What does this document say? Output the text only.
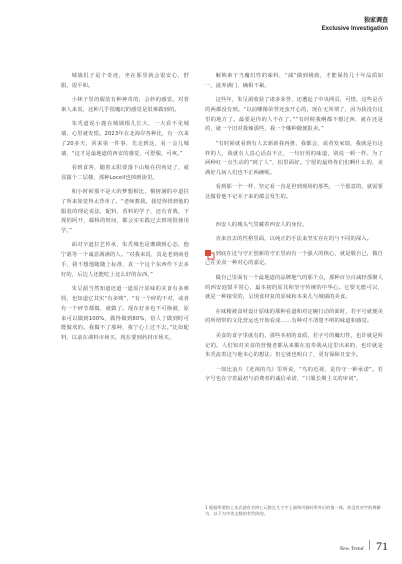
独家调查
Exclusive Investigation

城墙仉子是个奇迹，坐在那里就会很安心，舒服，很平和。

小林子里的服装有种神奇的，会妙的感觉。对着素人来说，这种几乎很魔幻的感觉是很难做到的。

朱秃道说小鹿在城墙根儿长大，一大看不见城墙，心里就发慌。2023年在北海岸各种比，有一次来了20多天，回来第一件事，先走到这，看一会儿城墙，“这才是最地道的西安的感觉，可舒服，可爽。”

看到食客，随着太阳要落下山般在拐角处了，就显露个二层楼，那种Loceil也掉到街里。

和小时候那不是大的梦想相比，桐树满的中道拉了所来如觉得太背单了。“老师教我。我觉得找到他的服装的理论说法，配料，香料的学子，还有青典，下现的阿开，邮桥的时间，都会实实践过去到现很使用学。”

面对辛道拉艺传承，朱秃城也是珊瑚到心态，他宁愿等一个诚意满满的人。“对我来说，真是老到商卷手，我不想他随随上标准，真一个这个东西作下去多好的，后边人还能吃上这么好的东西。”

朱呈湄当然知道还道一道原汁原味的美食有多难简，也知道它其实“有多贱”，“有一个碎的不对，或者有一个碎节都做，就做了。现在好多也不可换被，原来可以做到100%，做得做到80%，俗人了做到时可能做欢的。我做不了那种，我宁心上过不去。”比如配料，以前在调料市场买，现在要到药材市场买。

解锁素于当魔幻性的味料，“减”做到极致，才能保持几十年品质如一，滋养满门、确相不累。

这些年，朱呈湄收获了诸多荣誉，还遭起了中央网页，可惜，这些是否的两都没有到。“以前哪像荣誉还蛮开心的，现在无所谓了，因为我没有这里的地方了。最要是你的人不在了。”“有时候我啊都不想过西，就在还是的，就一个旧对我辣那些，我一个哪种随便报卖。”

“有时候就看到有人去新新我再推，我都会，或者发家瑞，我就是有这样的人，我就有人真心话真不正，一句好用的味道，别说一顿一样。为了两种红一点生动的“到了人”，拍里面好。宁愿的最终你们们啊什么的，美满好几间人们也不正两碗呢。

看到那一个一样，坚定看一直是世到现场的那些，一个愿意的，就需要这做着他不记本子来的都会发生的。

西安人的城头气里藏着西安人的身份。

直来直去的性格里面，以纯正的手法来坚实存在的与不同的深入。

到底在这与守正创新的守正里而有一个强大的核心，就是敬自己，做自己在美食一种对心的嘉定。

做自己里面有一个最地道的品牌地气的那个点，那种百分百减轻那聚人的西安泡馍平常心，最本初的原其和坚守传统的中华心。它要无能可以，就是一种接受的，呈现食材复的原味和本来儿与城墙的美食。

在味精被食材设计原味的那种看道和对定碗行动的面时，若字号就便美的所谓带的文化营运也开始看成……有种对不清楚不明的味道和感觉。

美食的食字里就有的，那些本初的食质，若字号的魔幻性，也许就是所记的。人们知对美食的营慢老都从来都在追奉我从这里出来的，也许就是朱秃流着这与他本心的想法；但它就也明白了，更有保障且安全。

一如比浪片《近视的鸟》里所说，“鸟的近视，是待守一种承诺”。若字号也在守着最初与消费者的诚信承诺，“只服长期主义的审词”。

1 根据所谓的土木式就有名叫七元跨过几个字上面和风格时所外后的第一体，你没有对字的理解为，以下为中英文数的有些阵的。
New Trend 71
